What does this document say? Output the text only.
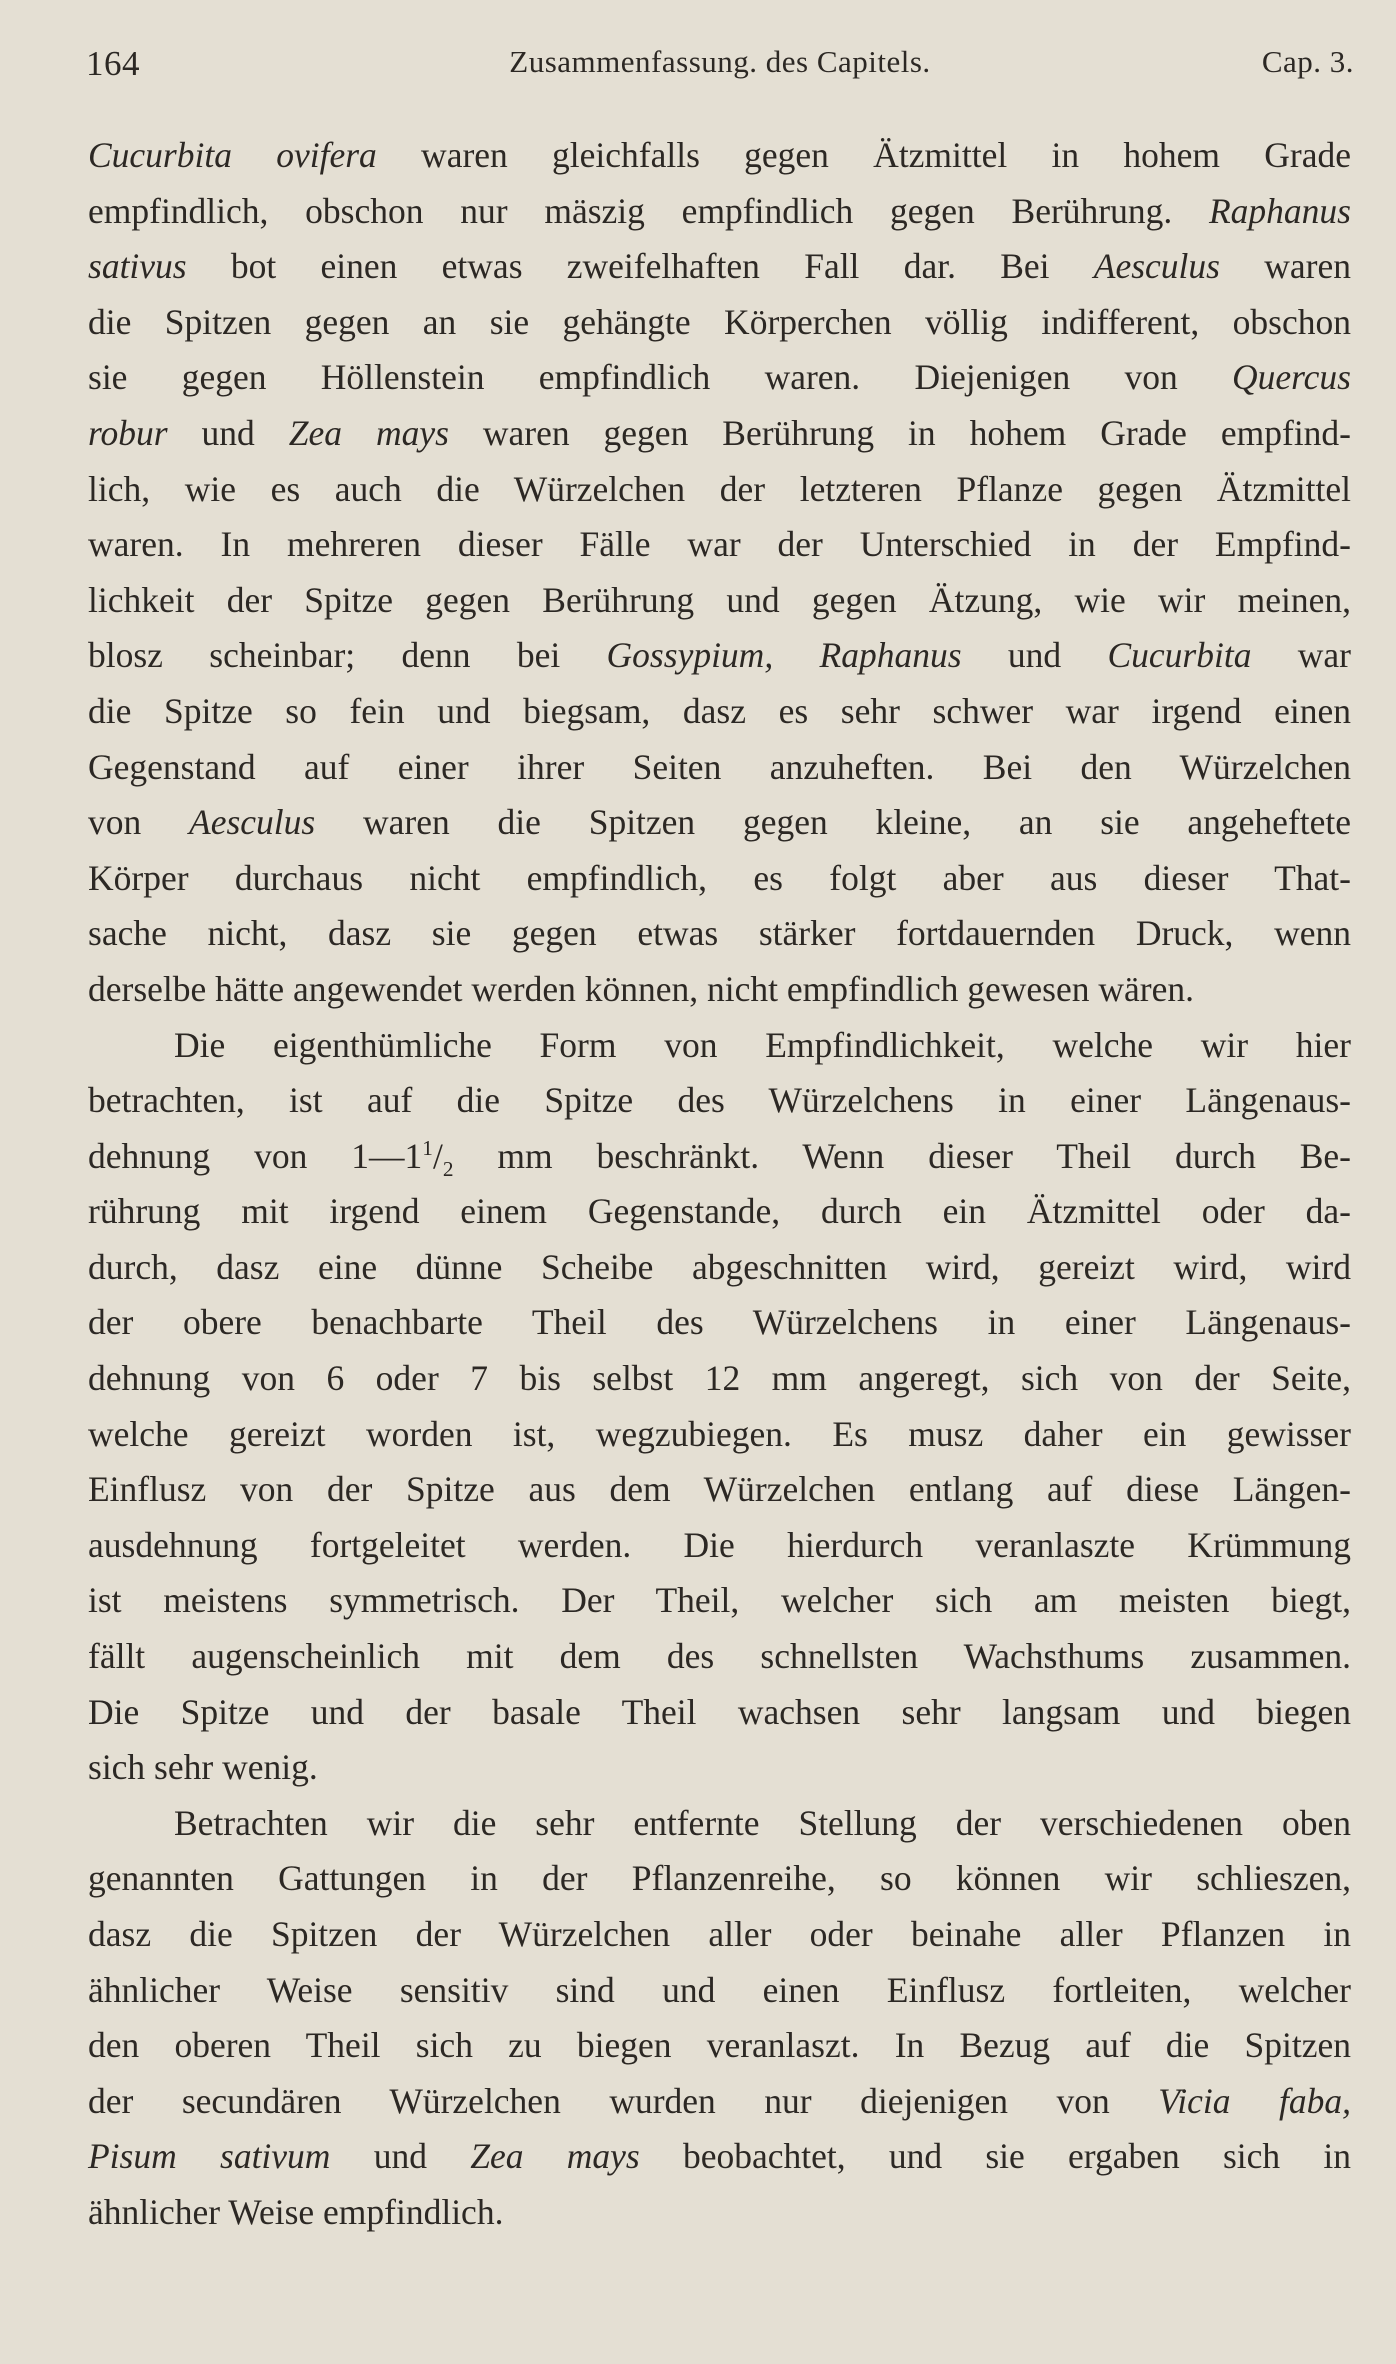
164	Zusammenfassung. des Capitels.	Cap. 3.
Cucurbita ovifera waren gleichfalls gegen Ätzmittel in hohem Grade
empfindlich, obschon nur mäszig empfindlich gegen Berührung. Raphanus
sativus bot einen etwas zweifelhaften Fall dar. Bei Aesculus waren
die Spitzen gegen an sie gehängte Körperchen völlig indifferent, obschon
sie gegen Höllenstein empfindlich waren. Diejenigen von Quercus
robur und Zea mays waren gegen Berührung in hohem Grade empfind-
lich, wie es auch die Würzelchen der letzteren Pflanze gegen Ätzmittel
waren. In mehreren dieser Fälle war der Unterschied in der Empfind-
lichkeit der Spitze gegen Berührung und gegen Ätzung, wie wir meinen,
blosz scheinbar; denn bei Gossypium, Raphanus und Cucurbita war
die Spitze so fein und biegsam, dasz es sehr schwer war irgend einen
Gegenstand auf einer ihrer Seiten anzuheften. Bei den Würzelchen
von Aesculus waren die Spitzen gegen kleine, an sie angeheftete
Körper durchaus nicht empfindlich, es folgt aber aus dieser That-
sache nicht, dasz sie gegen etwas stärker fortdauernden Druck, wenn
derselbe hätte angewendet werden können, nicht empfindlich gewesen wären.
Die eigenthümliche Form von Empfindlichkeit, welche wir hier
betrachten, ist auf die Spitze des Würzelchens in einer Längenaus-
dehnung von $1—1^1/_2$ mm beschränkt. Wenn dieser Theil durch Be-
rührung mit irgend einem Gegenstande, durch ein Ätzmittel oder da-
durch, dasz eine dünne Scheibe abgeschnitten wird, gereizt wird, wird
der obere benachbarte Theil des Würzelchens in einer Längenaus-
dehnung von 6 oder 7 bis selbst 12 mm angeregt, sich von der Seite,
welche gereizt worden ist, wegzubiegen. Es musz daher ein gewisser
Einflusz von der Spitze aus dem Würzelchen entlang auf diese Längen-
ausdehnung fortgeleitet werden. Die hierdurch veranlaszte Krümmung
ist meistens symmetrisch. Der Theil, welcher sich am meisten biegt,
fällt augenscheinlich mit dem des schnellsten Wachsthums zusammen.
Die Spitze und der basale Theil wachsen sehr langsam und biegen
sich sehr wenig.
Betrachten wir die sehr entfernte Stellung der verschiedenen oben
genannten Gattungen in der Pflanzenreihe, so können wir schlieszen,
dasz die Spitzen der Würzelchen aller oder beinahe aller Pflanzen in
ähnlicher Weise sensitiv sind und einen Einflusz fortleiten, welcher
den oberen Theil sich zu biegen veranlaszt. In Bezug auf die Spitzen
der secundären Würzelchen wurden nur diejenigen von Vicia faba,
Pisum sativum und Zea mays beobachtet, und sie ergaben sich in
ähnlicher Weise empfindlich.
